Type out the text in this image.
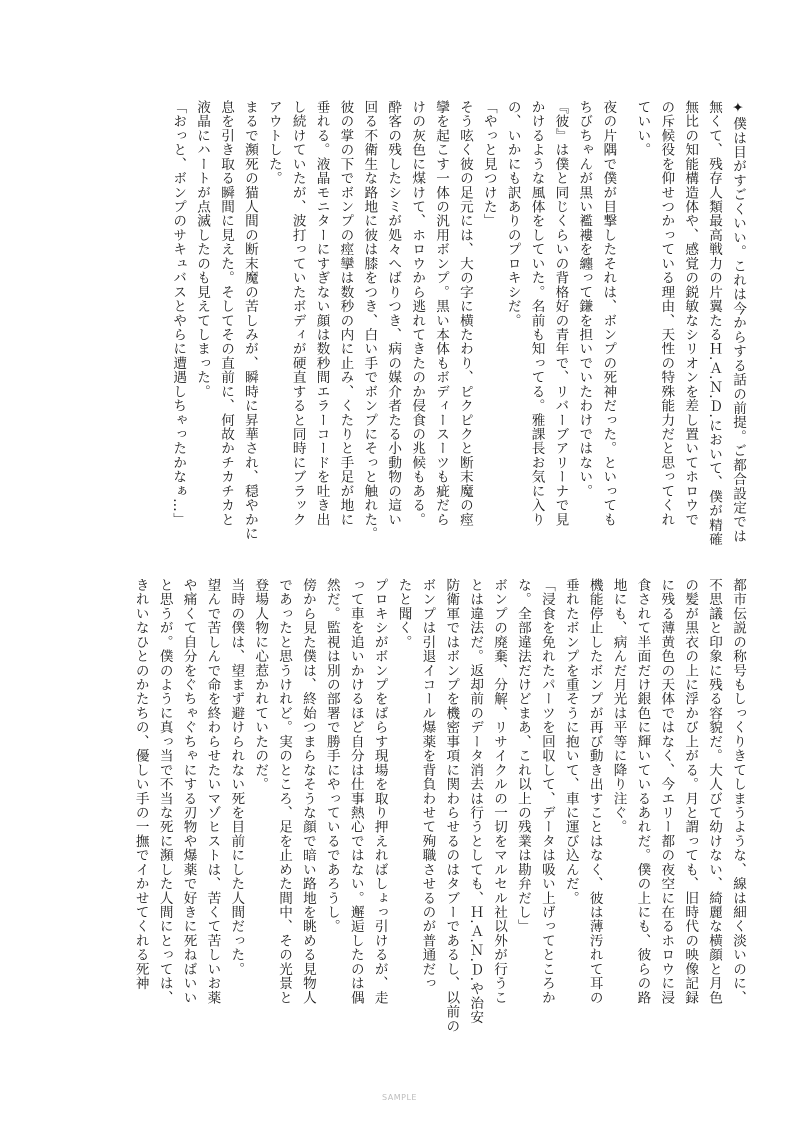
✦僕は目がすごくいい。これは今からする話の前提。ご都合設定では
無くて、残存人類最高戦力の片翼たるＨ.Ａ.Ｎ.Ｄ.において、僕が精確
無比の知能構造体や、感覚の鋭敏なシリオンを差し置いてホロウで
の斥候役を仰せつかっている理由、天性の特殊能力だと思ってくれ
ていい。
夜の片隅で僕が目撃したそれは、ボンプの死神だった。といっても
ちびちゃんが黒い襤褸を纏って鎌を担いでいたわけではない。
『彼』は僕と同じくらいの背格好の青年で、リバーブアリーナで見
かけるような風体をしていた。名前も知ってる。雅課長お気に入り
の、いかにも訳ありのプロキシだ。
「やっと見つけた」
そう呟く彼の足元には、大の字に横たわり、ピクピクと断末魔の痙
攣を起こす一体の汎用ボンプ。黒い本体もボディースーツも疵だら
けの灰色に煤けて、ホロウから逃れてきたのか侵食の兆候もある。
酔客の残したシミが処々へばりつき、病の媒介者たる小動物の這い
回る不衛生な路地に彼は膝をつき、白い手でボンプにそっと触れた。
彼の掌の下でボンプの痙攣は数秒の内に止み、くたりと手足が地に
垂れる。液晶モニターにすぎない顔は数秒間エラーコードを吐き出
し続けていたが、波打っていたボディが硬直すると同時にブラック
アウトした。
まるで瀕死の猫人間の断末魔の苦しみが、瞬時に昇華され、穏やかに
息を引き取る瞬間に見えた。そしてその直前に、何故かチカチカと
液晶にハートが点滅したのも見えてしまった。
「おっと、ボンプのサキュバスとやらに遭遇しちゃったかなぁ…」
都市伝説の称号もしっくりきてしまうような、線は細く淡いのに、
不思議と印象に残る容貌だ。大人びて幼けない、綺麗な横顔と月色
の髪が黒衣の上に浮かび上がる。月と謂っても、旧時代の映像記録
に残る薄黄色の天体ではなく、今エリー都の夜空に在るホロウに浸
食されて半面だけ銀色に輝いているあれだ。僕の上にも、彼らの路
地にも、病んだ月光は平等に降り注ぐ。
機能停止したボンプが再び動き出すことはなく、彼は薄汚れて耳の
垂れたボンプを重そうに抱いて、車に運び込んだ。
「浸食を免れたパーツを回収して、データは吸い上げってところか
な。全部違法だけどまあ、これ以上の残業は勘弁だし」
ボンプの廃棄、分解、リサイクルの一切をマルセル社以外が行うこ
とは違法だ。返却前のデータ消去は行うとしても、Ｈ.Ａ.Ｎ.Ｄ.や治安
防衛軍ではボンプを機密事項に関わらせるのはタブーであるし、以前の
ボンプは引退イコール爆薬を背負わせて殉職させるのが普通だっ
たと聞く。
プロキシがボンプをばらす現場を取り押えればしょっ引けるが、走
って車を追いかけるほど自分は仕事熱心ではない。邂逅したのは偶
然だ。監視は別の部署で勝手にやっているであろうし。
傍から見た僕は、終始つまらなそうな顔で暗い路地を眺める見物人
であったと思うけれど。実のところ、足を止めた間中、その光景と
登場人物に心惹かれていたのだ。
当時の僕は、望まず避けられない死を目前にした人間だった。
望んで苦しんで命を終わらせたいマゾヒストは、苦くて苦しいお薬
や痛くて自分をぐちゃぐちゃにする刃物や爆薬で好きに死ねばいい
と思うが。僕のように真っ当で不当な死に瀕した人間にとっては、
きれいなひとのかたちの、優しい手の一撫でイかせてくれる死神
SAMPLE
